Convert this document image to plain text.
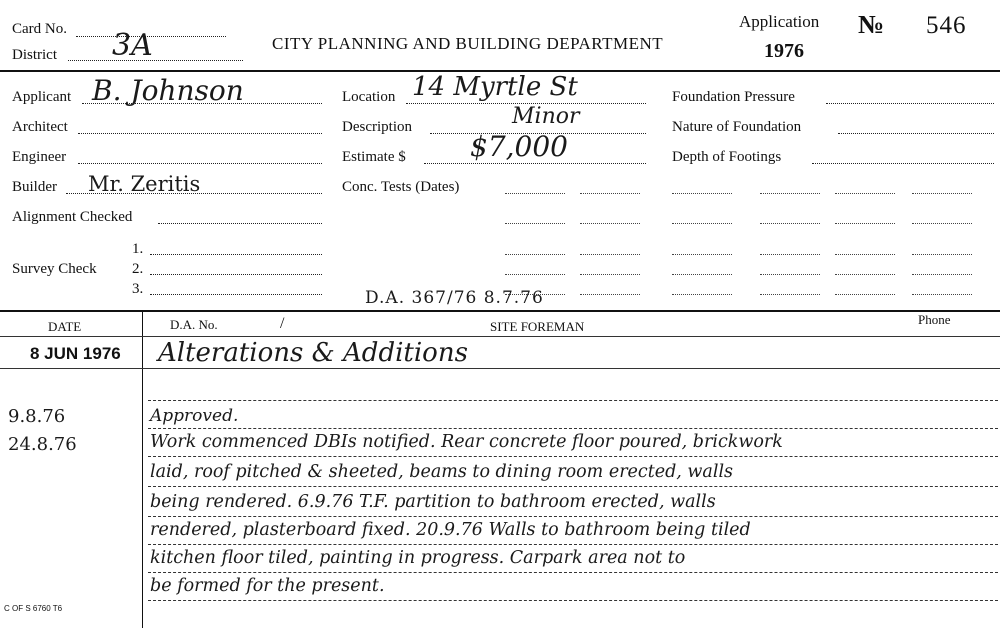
Card No.
District 3A	CITY PLANNING AND BUILDING DEPARTMENT
Application
1976
№ 546
Applicant B. Johnson
Architect
Engineer
Builder Mr. Zeritis
Alignment Checked
Survey Check
1.
2.
3.
Location 14 Myrtle St
Description	Minor
Estimate $ $7,000
Conc. Tests (Dates)
Foundation Pressure
Nature of Foundation
Depth of Footings
D.A. 367/76 8.7.76
DATE	D.A. No.	/	SITE FOREMAN	Phone
8 JUN 1976 Alterations & Additions
9.8.76	Approved.
24.8.76	Work commenced DBIs notified. Rear concrete floor poured, brickwork
laid, roof pitched & sheeted, beams to dining room erected, walls
being rendered. 6.9.76 T.F. partition to bathroom erected, walls
rendered, plasterboard fixed. 20.9.76 Walls to bathroom being tiled
kitchen floor tiled, painting in progress. Carpark area not to
be formed for the present.
C OF S 6760 T6
